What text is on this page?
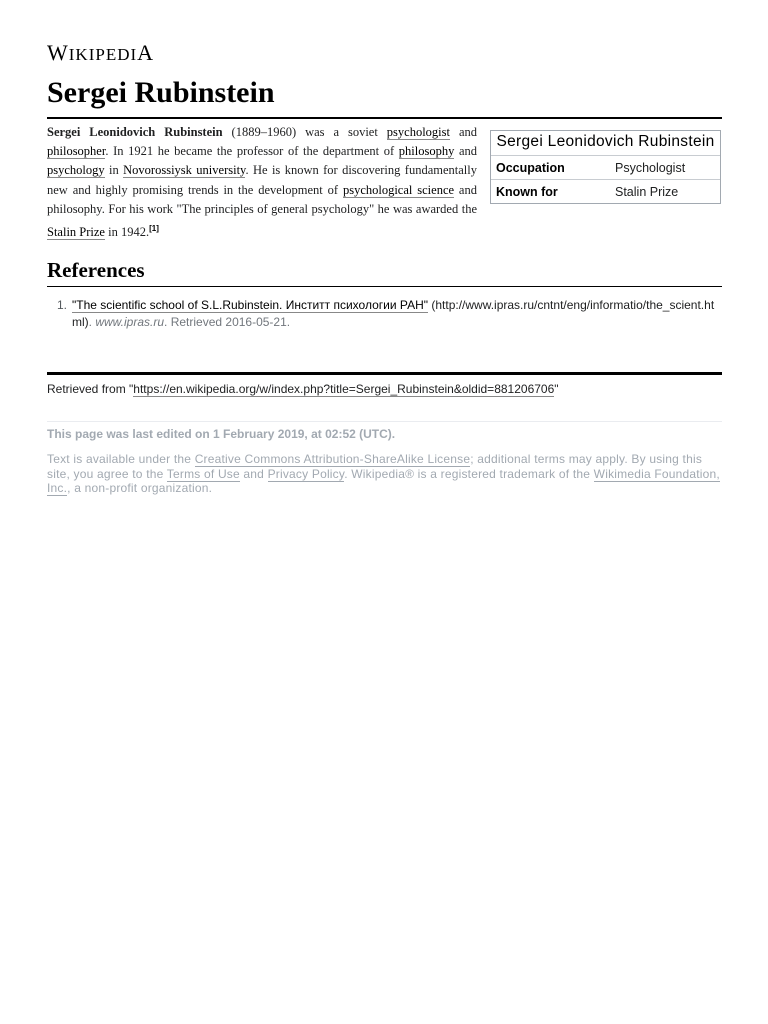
WIKIPEDIA
Sergei Rubinstein
Sergei Leonidovich Rubinstein (1889–1960) was a soviet psychologist and philosopher. In 1921 he became the professor of the department of philosophy and psychology in Novorossiysk university. He is known for discovering fundamentally new and highly promising trends in the development of psychological science and philosophy. For his work "The principles of general psychology" he was awarded the Stalin Prize in 1942.[1]
Sergei Leonidovich Rubinstein
Occupation	Psychologist
Known for	Stalin Prize
References
1. "The scientific school of S.L.Rubinstein. Инститт психологии РАН" (http://www.ipras.ru/cntnt/eng/informatio/the_scient.html). www.ipras.ru. Retrieved 2016-05-21.
Retrieved from "https://en.wikipedia.org/w/index.php?title=Sergei_Rubinstein&oldid=881206706"
This page was last edited on 1 February 2019, at 02:52 (UTC).
Text is available under the Creative Commons Attribution-ShareAlike License; additional terms may apply. By using this site, you agree to the Terms of Use and Privacy Policy. Wikipedia® is a registered trademark of the Wikimedia Foundation, Inc., a non-profit organization.
